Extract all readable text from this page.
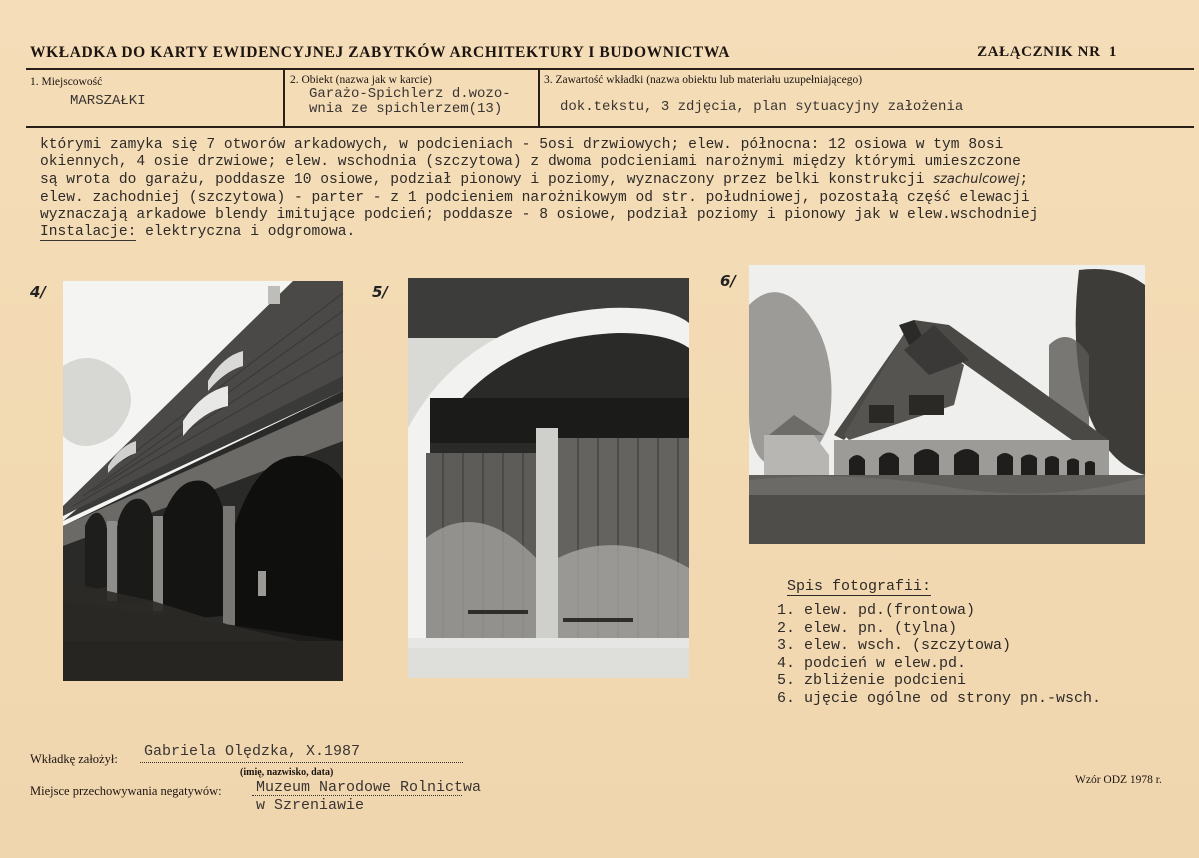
WKŁADKA DO KARTY EWIDENCYJNEJ ZABYTKÓW ARCHITEKTURY I BUDOWNICTWA	ZAŁĄCZNIK NR 1
1. Miejscowość
MARSZAŁKI
2. Obiekt (nazwa jak w karcie)
Garażo-Spichlerz d.wozo-
wnia ze spichlerzem(13)
3. Zawartość wkładki (nazwa obiektu lub materiału uzupełniającego)
dok.tekstu, 3 zdjęcia, plan sytuacyjny założenia
którymi zamyka się 7 otworów arkadowych, w podcieniach - 5osi drzwiowych; elew. północna: 12 osiowa w tym 8osi
okiennych, 4 osie drzwiowe; elew. wschodnia (szczytowa) z dwoma podcieniami narożnymi między którymi umieszczone
są wrota do garażu, poddasze 10 osiowe, podział pionowy i poziomy, wyznaczony przez belki konstrukcji szachulcowej;
elew. zachodniej (szczytowa) - parter - z 1 podcieniem narożnikowym od str. południowej, pozostałą część elewacji
wyznaczają arkadowe blendy imitujące podcień; poddasze - 8 osiowe, podział poziomy i pionowy jak w elew.wschodniej
Instalacje: elektryczna i odgromowa.
4/	5/
6/
Spis fotografii:
1. elew. pd.(frontowa)
2. elew. pn. (tylna)
3. elew. wsch. (szczytowa)
4. podcień w elew.pd.
5. zbliżenie podcieni
6. ujęcie ogólne od strony pn.-wsch.
Wkładkę założył: Gabriela Olędzka, X.1987
(imię, nazwisko, data)
Miejsce przechowywania negatywów: Muzeum Narodowe Rolnictwa
w Szreniawie
Wzór ODZ 1978 r.
